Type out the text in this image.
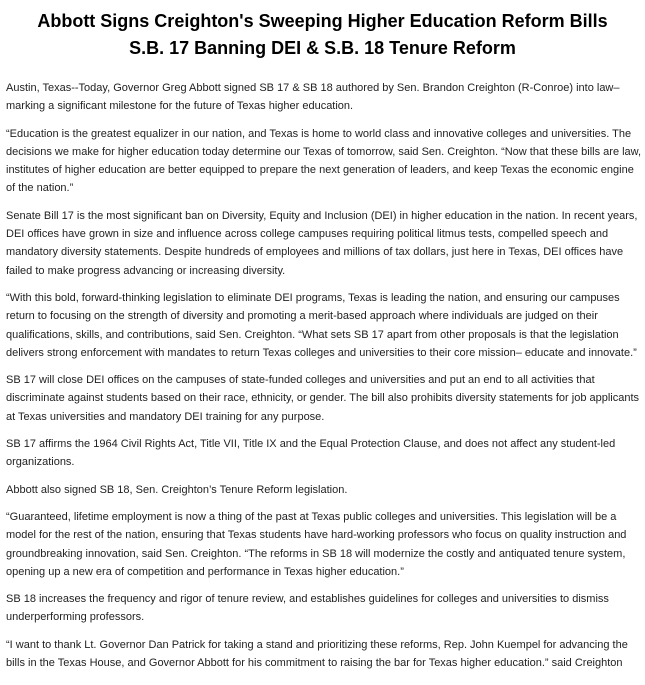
Abbott Signs Creighton's Sweeping Higher Education Reform Bills
S.B. 17 Banning DEI & S.B. 18 Tenure Reform

Austin, Texas--Today, Governor Greg Abbott signed SB 17 & SB 18 authored by Sen. Brandon Creighton (R-Conroe) into law–marking a significant milestone for the future of Texas higher education.

“Education is the greatest equalizer in our nation, and Texas is home to world class and innovative colleges and universities. The decisions we make for higher education today determine our Texas of tomorrow, said Sen. Creighton. “Now that these bills are law, institutes of higher education are better equipped to prepare the next generation of leaders, and keep Texas the economic engine of the nation.”

Senate Bill 17 is the most significant ban on Diversity, Equity and Inclusion (DEI) in higher education in the nation. In recent years, DEI offices have grown in size and influence across college campuses requiring political litmus tests, compelled speech and mandatory diversity statements. Despite hundreds of employees and millions of tax dollars, just here in Texas, DEI offices have failed to make progress advancing or increasing diversity.

“With this bold, forward-thinking legislation to eliminate DEI programs, Texas is leading the nation, and ensuring our campuses return to focusing on the strength of diversity and promoting a merit-based approach where individuals are judged on their qualifications, skills, and contributions, said Sen. Creighton. “What sets SB 17 apart from other proposals is that the legislation delivers strong enforcement with mandates to return Texas colleges and universities to their core mission– educate and innovate.”

SB 17 will close DEI offices on the campuses of state-funded colleges and universities and put an end to all activities that discriminate against students based on their race, ethnicity, or gender. The bill also prohibits diversity statements for job applicants at Texas universities and mandatory DEI training for any purpose.

SB 17 affirms the 1964 Civil Rights Act, Title VII, Title IX and the Equal Protection Clause, and does not affect any student-led organizations.

Abbott also signed SB 18, Sen. Creighton’s Tenure Reform legislation.

“Guaranteed, lifetime employment is now a thing of the past at Texas public colleges and universities. This legislation will be a model for the rest of the nation, ensuring that Texas students have hard-working professors who focus on quality instruction and groundbreaking innovation, said Sen. Creighton. “The reforms in SB 18 will modernize the costly and antiquated tenure system, opening up a new era of competition and performance in Texas higher education.”

SB 18 increases the frequency and rigor of tenure review, and establishes guidelines for colleges and universities to dismiss underperforming professors.

“I want to thank Lt. Governor Dan Patrick for taking a stand and prioritizing these reforms, Rep. John Kuempel for advancing the bills in the Texas House, and Governor Abbott for his commitment to raising the bar for Texas higher education.” said Creighton
